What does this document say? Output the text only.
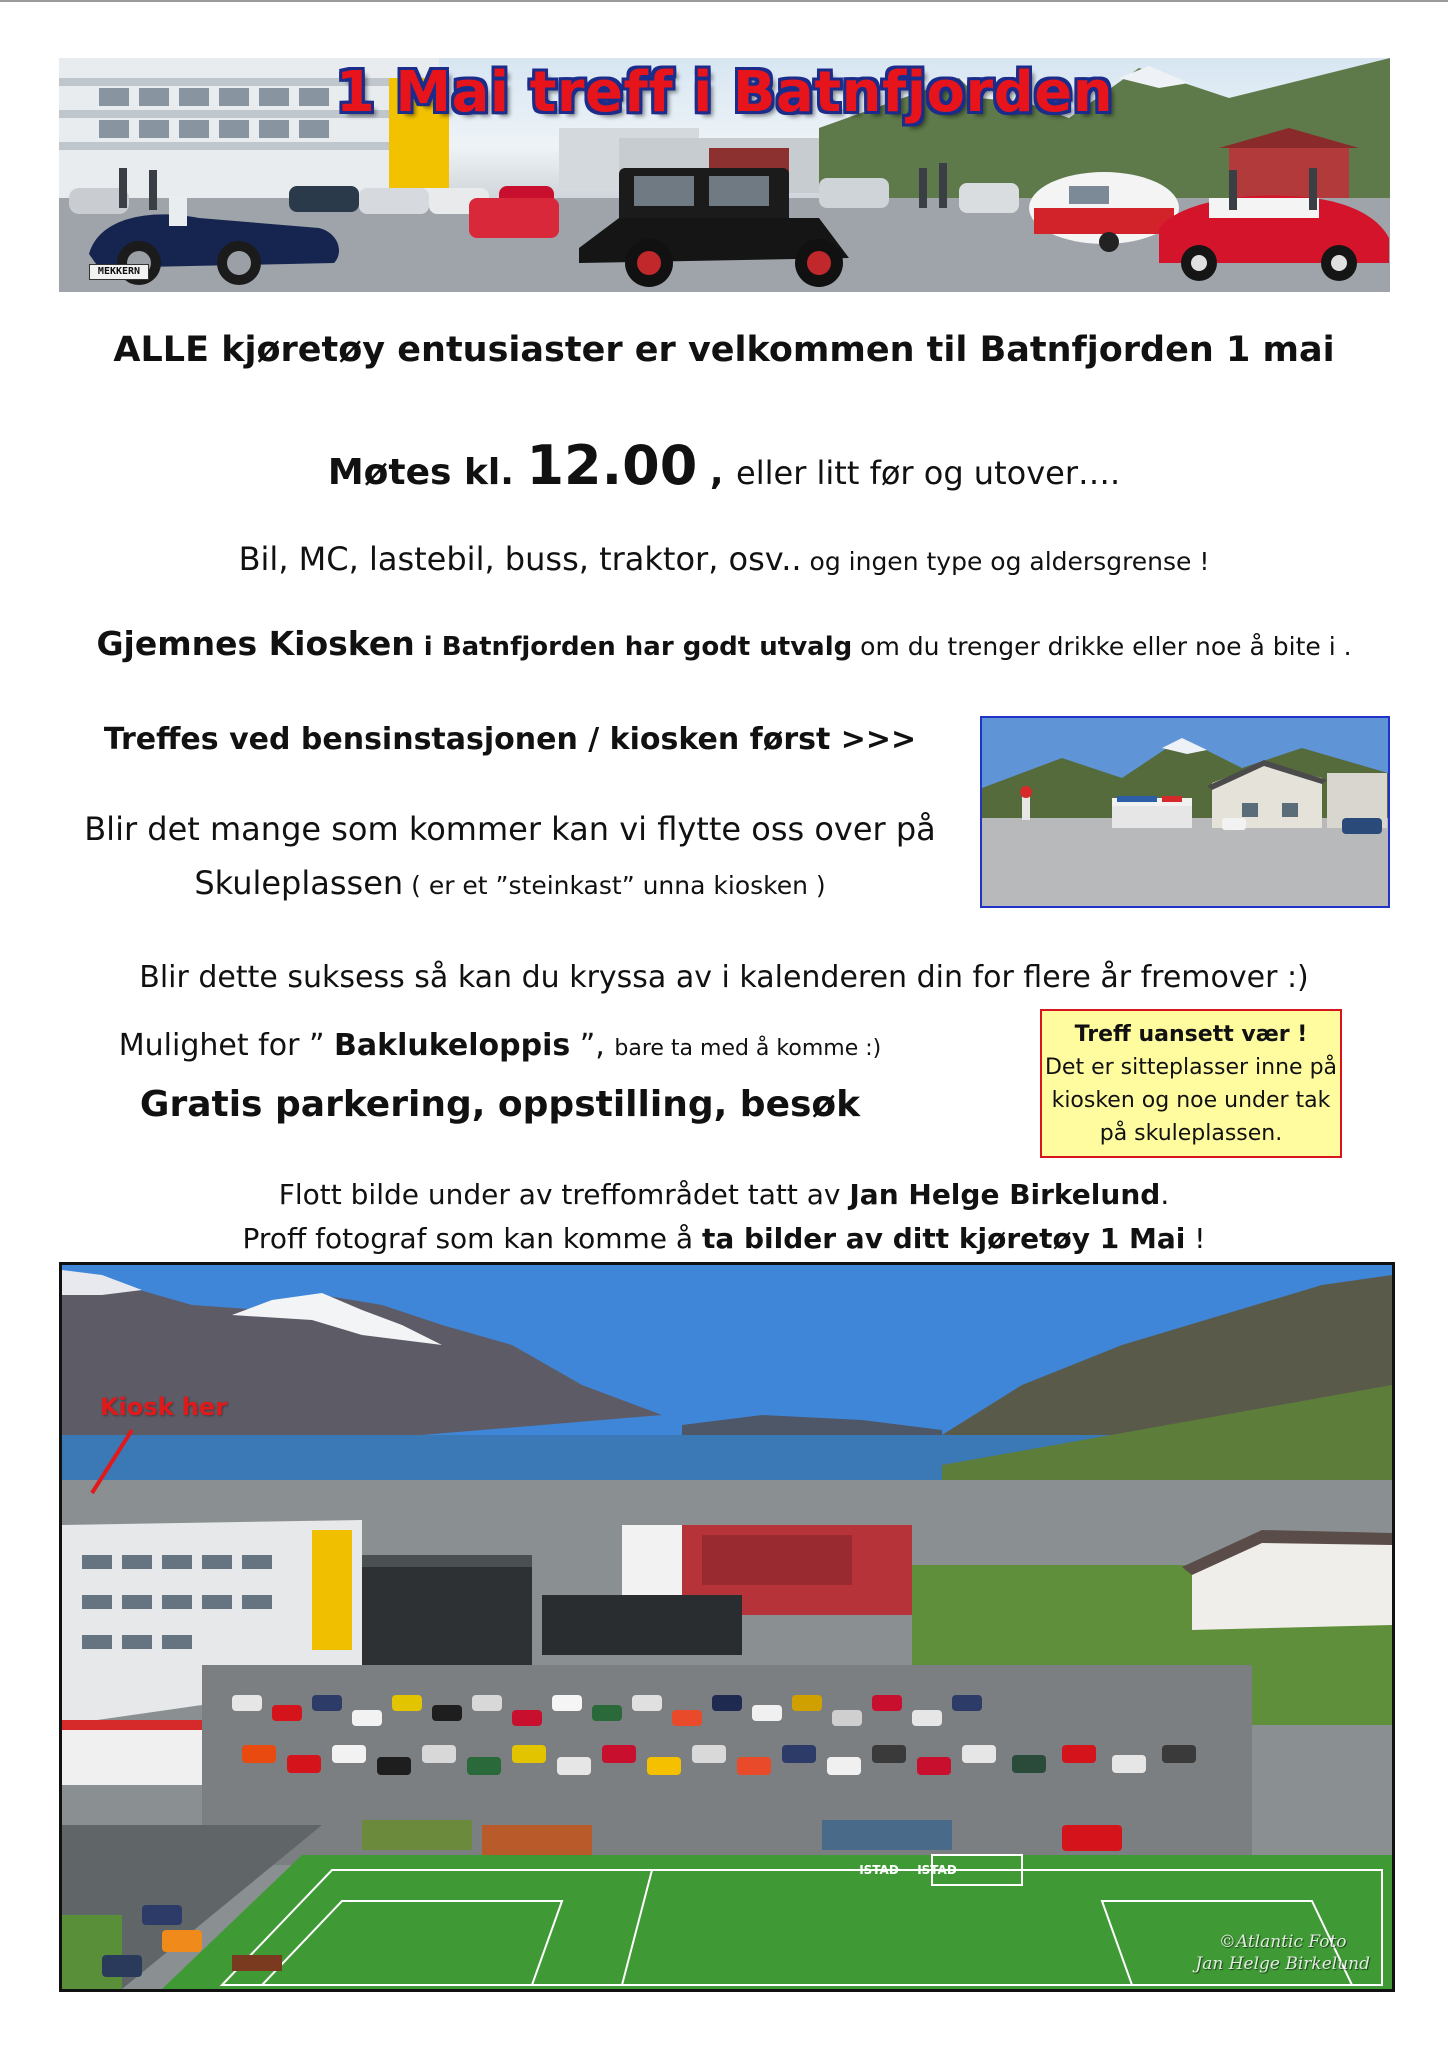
1 Mai treff i Batnfjorden
MEKKERN
ALLE kjøretøy entusiaster er velkommen til Batnfjorden 1 mai
Møtes kl. 12.00 , eller litt før og utover….
Bil, MC, lastebil, buss, traktor, osv.. og ingen type og aldersgrense !
Gjemnes Kiosken i Batnfjorden har godt utvalg om du trenger drikke eller noe å bite i .
Treffes ved bensinstasjonen / kiosken først >>>
Blir det mange som kommer kan vi flytte oss over på
Skuleplassen ( er et ”steinkast” unna kiosken )
Blir dette suksess så kan du kryssa av i kalenderen din for flere år fremover :)
Mulighet for ” Baklukeloppis ”, bare ta med å komme :)
Gratis parkering, oppstilling, besøk
Treff uansett vær !
Det er sitteplasser inne på
kiosken og noe under tak
på skuleplassen.
Flott bilde under av treffområdet tatt av Jan Helge Birkelund.
Proff fotograf som kan komme å ta bilder av ditt kjøretøy 1 Mai !
Kiosk her
ISTAD	ISTAD
©Atlantic Foto
Jan Helge Birkelund
